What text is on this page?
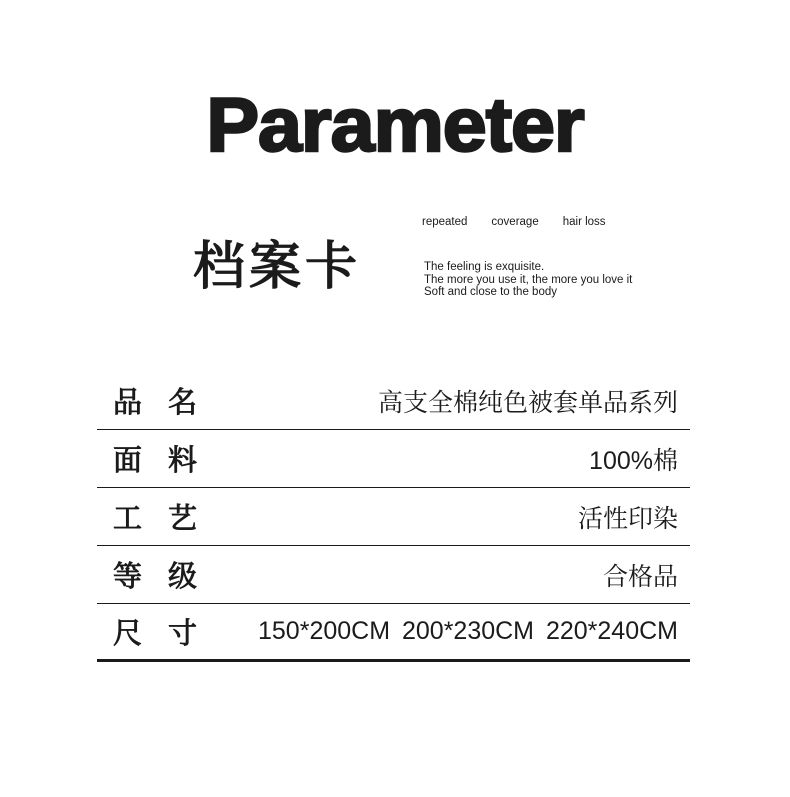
Parameter
档案卡
repeated coverage hair loss
The feeling is exquisite.
The more you use it, the more you love it
Soft and close to the body
品 名	高支全棉纯色被套单品系列
面 料	100%棉
工 艺	活性印染
等 级	合格品
尺 寸 150*200CM 200*230CM 220*240CM
